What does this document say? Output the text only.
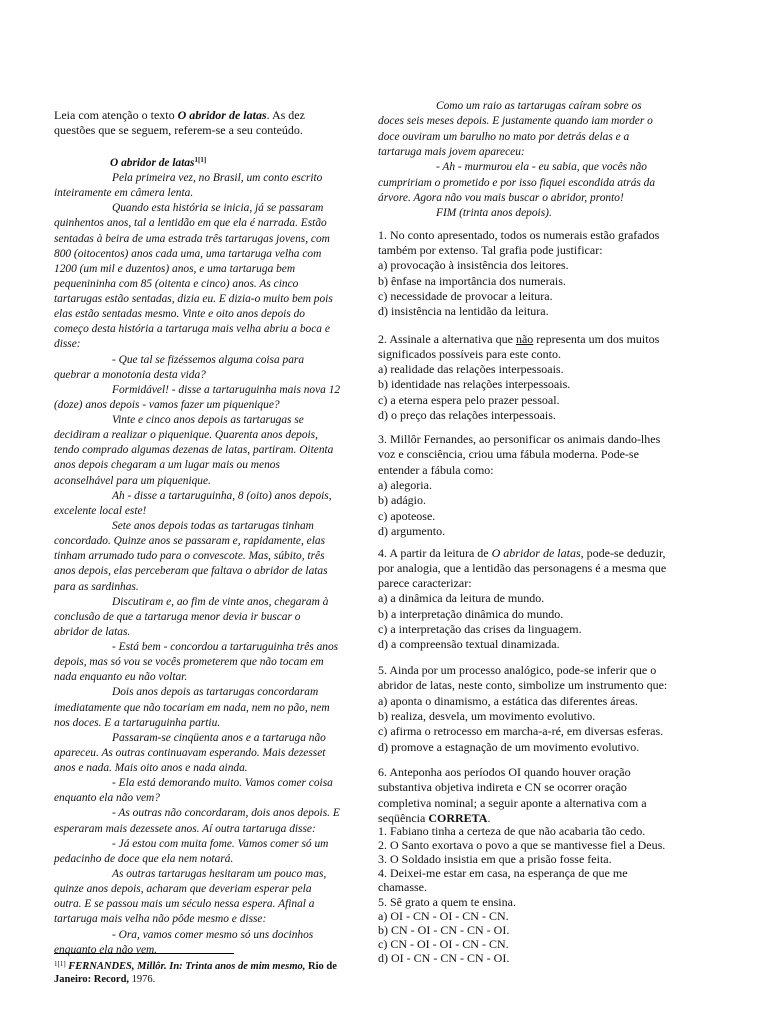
Leia com atenção o texto O abridor de latas. As dez
questões que se seguem, referem-se a seu conteúdo.
O abridor de latas$^{1[1]}$
Pela primeira vez, no Brasil, um conto escrito
inteiramente em câmera lenta.
Quando esta história se inicia, já se passaram
quinhentos anos, tal a lentidão em que ela é narrada. Estão
sentadas à beira de uma estrada três tartarugas jovens, com
800 (oitocentos) anos cada uma, uma tartaruga velha com
1200 (um mil e duzentos) anos, e uma tartaruga bem
pequenininha com 85 (oitenta e cinco) anos. As cinco
tartarugas estão sentadas, dizia eu. E dizia-o muito bem pois
elas estão sentadas mesmo. Vinte e oito anos depois do
começo desta história a tartaruga mais velha abriu a boca e
disse:
- Que tal se fizéssemos alguma coisa para
quebrar a monotonia desta vida?
Formidável! - disse a tartaruguinha mais nova 12
(doze) anos depois - vamos fazer um piquenique?
Vinte e cinco anos depois as tartarugas se
decidiram a realizar o piquenique. Quarenta anos depois,
tendo comprado algumas dezenas de latas, partiram. Oitenta
anos depois chegaram a um lugar mais ou menos
aconselhável para um piquenique.
Ah - disse a tartaruguinha, 8 (oito) anos depois,
excelente local este!
Sete anos depois todas as tartarugas tinham
concordado. Quinze anos se passaram e, rapidamente, elas
tinham arrumado tudo para o convescote. Mas, súbito, três
anos depois, elas perceberam que faltava o abridor de latas
para as sardinhas.
Discutiram e, ao fim de vinte anos, chegaram à
conclusão de que a tartaruga menor devia ir buscar o
abridor de latas.
- Está bem - concordou a tartaruguinha três anos
depois, mas só vou se vocês prometerem que não tocam em
nada enquanto eu não voltar.
Dois anos depois as tartarugas concordaram
imediatamente que não tocariam em nada, nem no pão, nem
nos doces. E a tartaruguinha partiu.
Passaram-se cinqüenta anos e a tartaruga não
apareceu. As outras continuavam esperando. Mais dezesset
anos e nada. Mais oito anos e nada ainda.
- Ela está demorando muito. Vamos comer coisa
enquanto ela não vem?
- As outras não concordaram, dois anos depois. E
esperaram mais dezessete anos. Aí outra tartaruga disse:
- Já estou com muita fome. Vamos comer só um
pedacinho de doce que ela nem notará.
As outras tartarugas hesitaram um pouco mas,
quinze anos depois, acharam que deveriam esperar pela
outra. E se passou mais um século nessa espera. Afinal a
tartaruga mais velha não pôde mesmo e disse:
- Ora, vamos comer mesmo só uns docinhos
enquanto ela não vem.
Como um raio as tartarugas caíram sobre os
doces seis meses depois. E justamente quando iam morder o
doce ouviram um barulho no mato por detrás delas e a
tartaruga mais jovem apareceu:
- Ah - murmurou ela - eu sabia, que vocês não
cumpririam o prometido e por isso fiquei escondida atrás da
árvore. Agora não vou mais buscar o abridor, pronto!
FIM (trinta anos depois).
1. No conto apresentado, todos os numerais estão grafados
também por extenso. Tal grafia pode justificar:
a) provocação à insistência dos leitores.
b) ênfase na importância dos numerais.
c) necessidade de provocar a leitura.
d) insistência na lentidão da leitura.
2. Assinale a alternativa que não representa um dos muitos
significados possíveis para este conto.
a) realidade das relações interpessoais.
b) identidade nas relações interpessoais.
c) a eterna espera pelo prazer pessoal.
d) o preço das relações interpessoais.
3. Millôr Fernandes, ao personificar os animais dando-lhes
voz e consciência, criou uma fábula moderna. Pode-se
entender a fábula como:
a) alegoria.
b) adágio.
c) apoteose.
d) argumento.
4. A partir da leitura de O abridor de latas, pode-se deduzir,
por analogia, que a lentidão das personagens é a mesma que
parece caracterizar:
a) a dinâmica da leitura de mundo.
b) a interpretação dinâmica do mundo.
c) a interpretação das crises da linguagem.
d) a compreensão textual dinamizada.
5. Ainda por um processo analógico, pode-se inferir que o
abridor de latas, neste conto, simbolize um instrumento que:
a) aponta o dinamismo, a estática das diferentes áreas.
b) realiza, desvela, um movimento evolutivo.
c) afirma o retrocesso em marcha-a-ré, em diversas esferas.
d) promove a estagnação de um movimento evolutivo.
6. Anteponha aos períodos OI quando houver oração
substantiva objetiva indireta e CN se ocorrer oração
completiva nominal; a seguir aponte a alternativa com a
seqüência CORRETA.
1. Fabiano tinha a certeza de que não acabaria tão cedo.
2. O Santo exortava o povo a que se mantivesse fiel a Deus.
3. O Soldado insistia em que a prisão fosse feita.
4. Deixei-me estar em casa, na esperança de que me
chamasse.
5. Sê grato a quem te ensina.
a) OI - CN - OI - CN - CN.
b) CN - OI - CN - CN - OI.
c) CN - OI - OI - CN - CN.
d) OI - CN - CN - CN - OI.
$^{1[1]}$ FERNANDES, Millôr. In: Trinta anos de mim mesmo, Rio de
Janeiro: Record, 1976.
